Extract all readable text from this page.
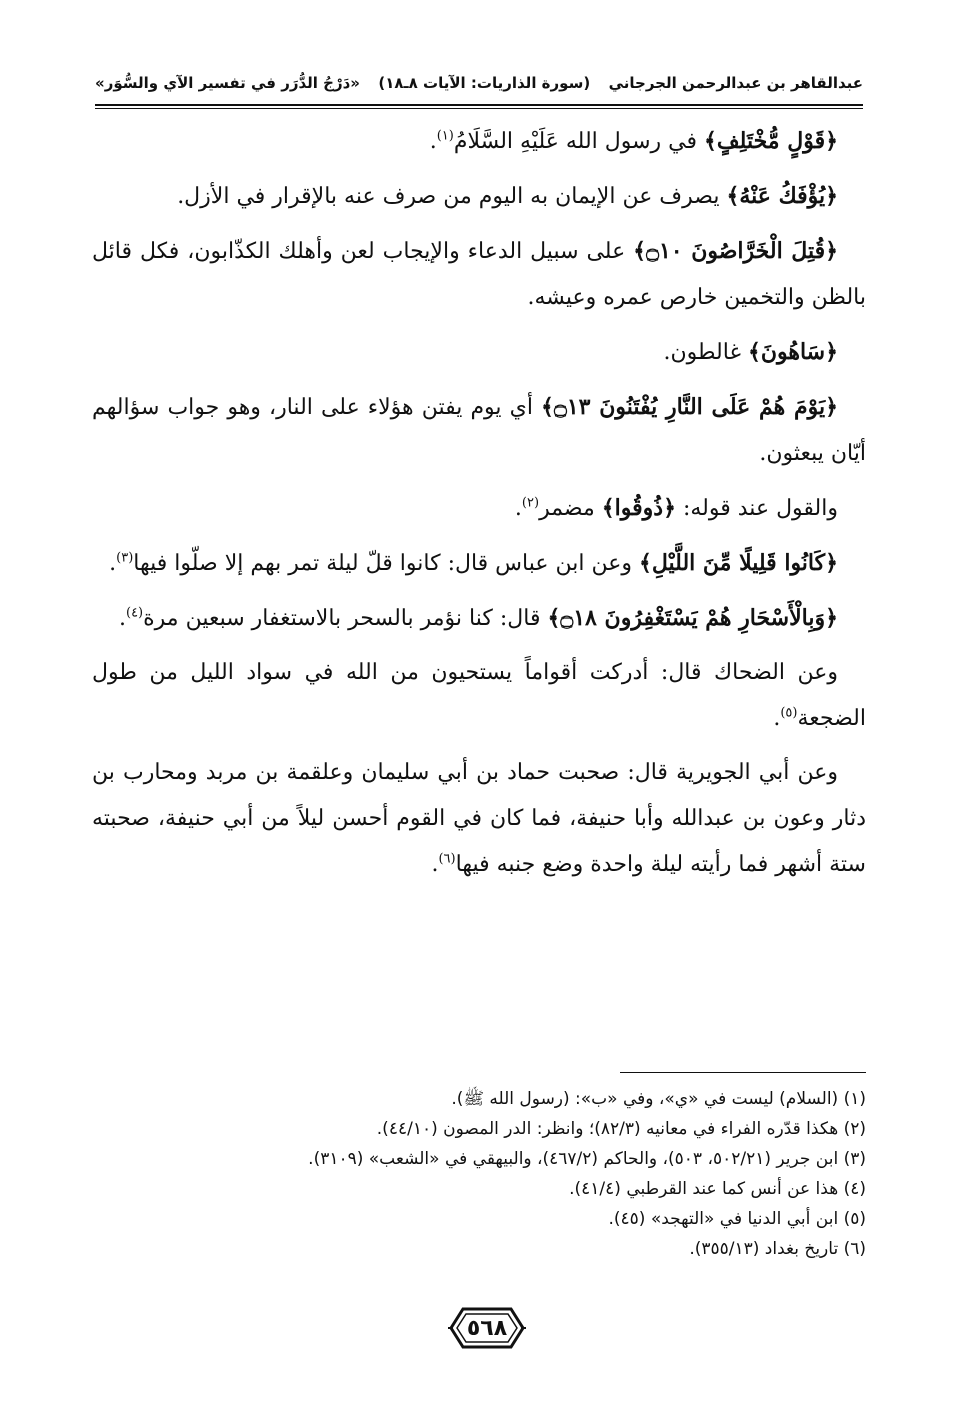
عبدالقاهر بن عبدالرحمن الجرجاني
(سورة الذاريات: الآيات ٨ـ١٨)
«دَرْجُ الدُّرَر في تفسير الآي والسُّوَر»

﴿قَوْلٍ مُّخْتَلِفٍ﴾ في رسول الله عَلَيْهِ السَّلَامُ$^{(١)}$.

﴿يُؤْفَكُ عَنْهُ﴾ يصرف عن الإيمان به اليوم من صرف عنه بالإقرار في الأزل.

﴿قُتِلَ الْخَرَّاصُونَ ۝١٠﴾ على سبيل الدعاء والإيجاب لعن وأهلك الكذّابون، فكل قائل بالظن والتخمين خارص عمره وعيشه.

﴿سَاهُونَ﴾ غالطون.

﴿يَوْمَ هُمْ عَلَى النَّارِ يُفْتَنُونَ ۝١٣﴾ أي يوم يفتن هؤلاء على النار، وهو جواب سؤالهم أيّان يبعثون.

والقول عند قوله: ﴿ذُوقُوا﴾ مضمر$^{(٢)}$.

﴿كَانُوا قَلِيلًا مِّنَ اللَّيْلِ﴾ وعن ابن عباس قال: كانوا قلّ ليلة تمر بهم إلا صلّوا فيها$^{(٣)}$.

﴿وَبِالْأَسْحَارِ هُمْ يَسْتَغْفِرُونَ ۝١٨﴾ قال: كنا نؤمر بالسحر بالاستغفار سبعين مرة$^{(٤)}$.

وعن الضحاك قال: أدركت أقواماً يستحيون من الله في سواد الليل من طول الضجعة$^{(٥)}$.

وعن أبي الجويرية قال: صحبت حماد بن أبي سليمان وعلقمة بن مربد ومحارب بن دثار وعون بن عبدالله وأبا حنيفة، فما كان في القوم أحسن ليلاً من أبي حنيفة، صحبته ستة أشهر فما رأيته ليلة واحدة وضع جنبه فيها$^{(٦)}$.

(١) (السلام) ليست في «ي»، وفي «ب»: (رسول الله ﷺ).
(٢) هكذا قدّره الفراء في معانيه (٨٢/٣)؛ وانظر: الدر المصون (٤٤/١٠).
(٣) ابن جرير (٥٠٢/٢١، ٥٠٣)، والحاكم (٤٦٧/٢)، والبيهقي في «الشعب» (٣١٠٩).
(٤) هذا عن أنس كما عند القرطبي (٤١/٤).
(٥) ابن أبي الدنيا في «التهجد» (٤٥).
(٦) تاريخ بغداد (٣٥٥/١٣).
٥٦٨
